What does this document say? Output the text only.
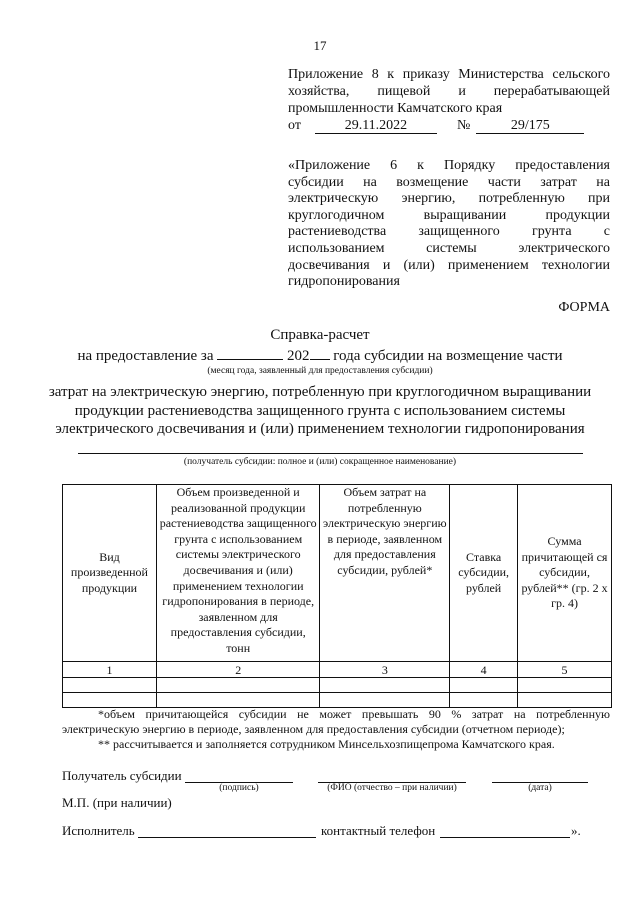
17

Приложение 8 к приказу Министерства сельского

хозяйства, пищевой и перерабатывающей

промышленности Камчатского края

от	29.11.2022	№	29/175
«Приложение 6 к Порядку предоставления
субсидии на возмещение части затрат на
электрическую энергию, потребленную при
круглогодичном выращивании продукции
растениеводства защищенного грунта с
использованием системы электрического
досвечивания и (или) применением технологии
гидропонирования
ФОРМА
Справка-расчет
на предоставление за	202 года субсидии на возмещение части
(месяц года, заявленный для предоставления субсидии)
затрат на электрическую энергию, потребленную при круглогодичном выращивании
продукции растениеводства защищенного грунта с использованием системы
электрического досвечивания и (или) применением технологии гидропонирования
(получатель субсидии: полное и (или) сокращенное наименование)
Вид произведенной продукции	Объем произведенной и реализованной продукции растениеводства защищенного грунта с использованием системы электрического досвечивания и (или) применением технологии гидропонирования в периоде, заявленном для предоставления субсидии, тонн	Объем затрат на потребленную электрическую энергию в периоде, заявленном для предоставления субсидии, рублей*	Ставка субсидии, рублей	Сумма причитающей ся субсидии, рублей** (гр. 2 х гр. 4)
1	2	3	4	5

*объем причитающейся субсидии не может превышать 90 % затрат на потребленную электрическую энергию в периоде, заявленном для предоставления субсидии (отчетном периоде);

** рассчитывается и заполняется сотрудником Минсельхозпищепрома Камчатского края.

Получатель субсидии
(подпись)	(ФИО (отчество – при наличии)	(дата)
М.П. (при наличии)
Исполнитель	контактный телефон	».
